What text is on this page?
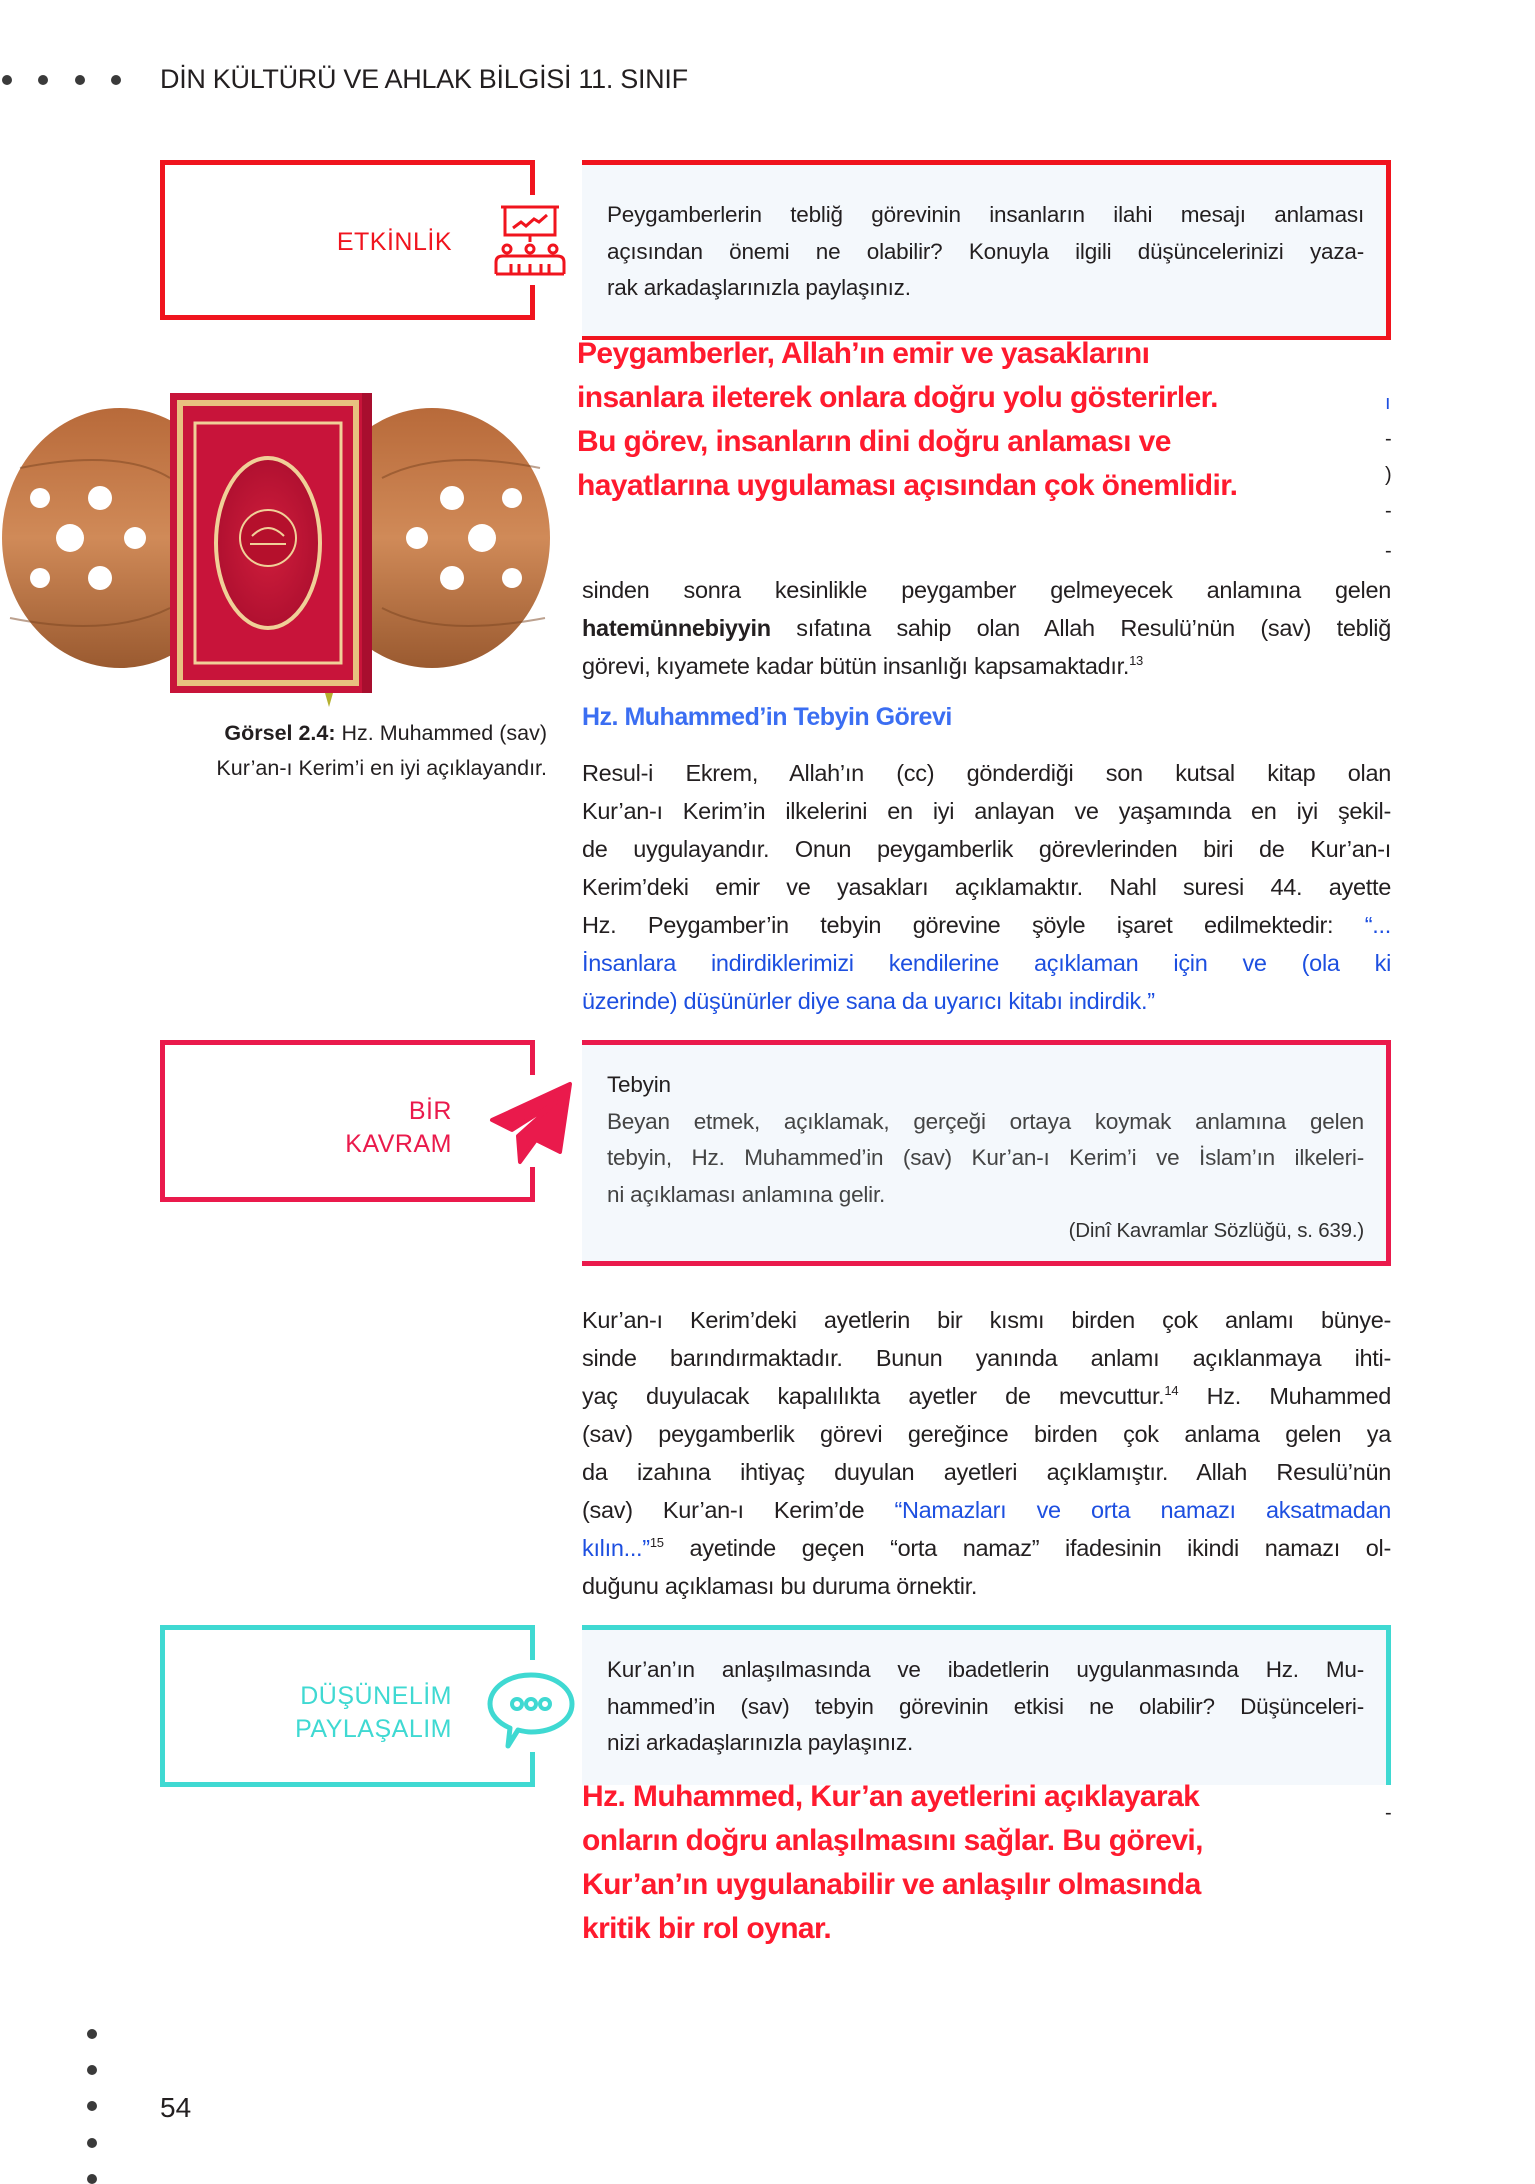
DİN KÜLTÜRÜ VE AHLAK BİLGİSİ 11. SINIF
ETKİNLİK
Peygamberlerin tebliğ görevinin insanların ilahi mesajı anlaması
açısından önemi ne olabilir? Konuyla ilgili düşüncelerinizi yaza-
rak arkadaşlarınızla paylaşınız.
Peygamberler, Allah’ın emir ve yasaklarını
insanlara ileterek onlara doğru yolu gösterirler.
Bu görev, insanların dini doğru anlaması ve
hayatlarına uygulaması açısından çok önemlidir.
ı
-
)
-
-
-
Görsel 2.4: Hz. Muhammed (sav)
Kur’an-ı Kerim’i en iyi açıklayandır.
sinden sonra kesinlikle peygamber gelmeyecek anlamına gelen
hatemünnebiyyin sıfatına sahip olan Allah Resulü’nün (sav) tebliğ
görevi, kıyamete kadar bütün insanlığı kapsamaktadır.$^{13}$
Hz. Muhammed’in Tebyin Görevi
Resul-i Ekrem, Allah’ın (cc) gönderdiği son kutsal kitap olan
Kur’an-ı Kerim’in ilkelerini en iyi anlayan ve yaşamında en iyi şekil-
de uygulayandır. Onun peygamberlik görevlerinden biri de Kur’an-ı
Kerim’deki emir ve yasakları açıklamaktır. Nahl suresi 44. ayette
Hz. Peygamber’in tebyin görevine şöyle işaret edilmektedir: “...
İnsanlara indirdiklerimizi kendilerine açıklaman için ve (ola ki
üzerinde) düşünürler diye sana da uyarıcı kitabı indirdik.”
BİR
KAVRAM
Tebyin
Beyan etmek, açıklamak, gerçeği ortaya koymak anlamına gelen
tebyin, Hz. Muhammed’in (sav) Kur’an-ı Kerim’i ve İslam’ın ilkeleri-
ni açıklaması anlamına gelir.
(Dinî Kavramlar Sözlüğü, s. 639.)
Kur’an-ı Kerim’deki ayetlerin bir kısmı birden çok anlamı bünye-
sinde barındırmaktadır. Bunun yanında anlamı açıklanmaya ihti-
yaç duyulacak kapalılıkta ayetler de mevcuttur.$^{14}$ Hz. Muhammed
(sav) peygamberlik görevi gereğince birden çok anlama gelen ya
da izahına ihtiyaç duyulan ayetleri açıklamıştır. Allah Resulü’nün
(sav) Kur’an-ı Kerim’de “Namazları ve orta namazı aksatmadan
kılın...”$^{15}$ ayetinde geçen “orta namaz” ifadesinin ikindi namazı ol-
duğunu açıklaması bu duruma örnektir.
DÜŞÜNELİM
PAYLAŞALIM
Kur’an’ın anlaşılmasında ve ibadetlerin uygulanmasında Hz. Mu-
hammed’in (sav) tebyin görevinin etkisi ne olabilir? Düşünceleri-
nizi arkadaşlarınızla paylaşınız.
Hz. Muhammed, Kur’an ayetlerini açıklayarak
onların doğru anlaşılmasını sağlar. Bu görevi,
Kur’an’ın uygulanabilir ve anlaşılır olmasında
kritik bir rol oynar.
54
